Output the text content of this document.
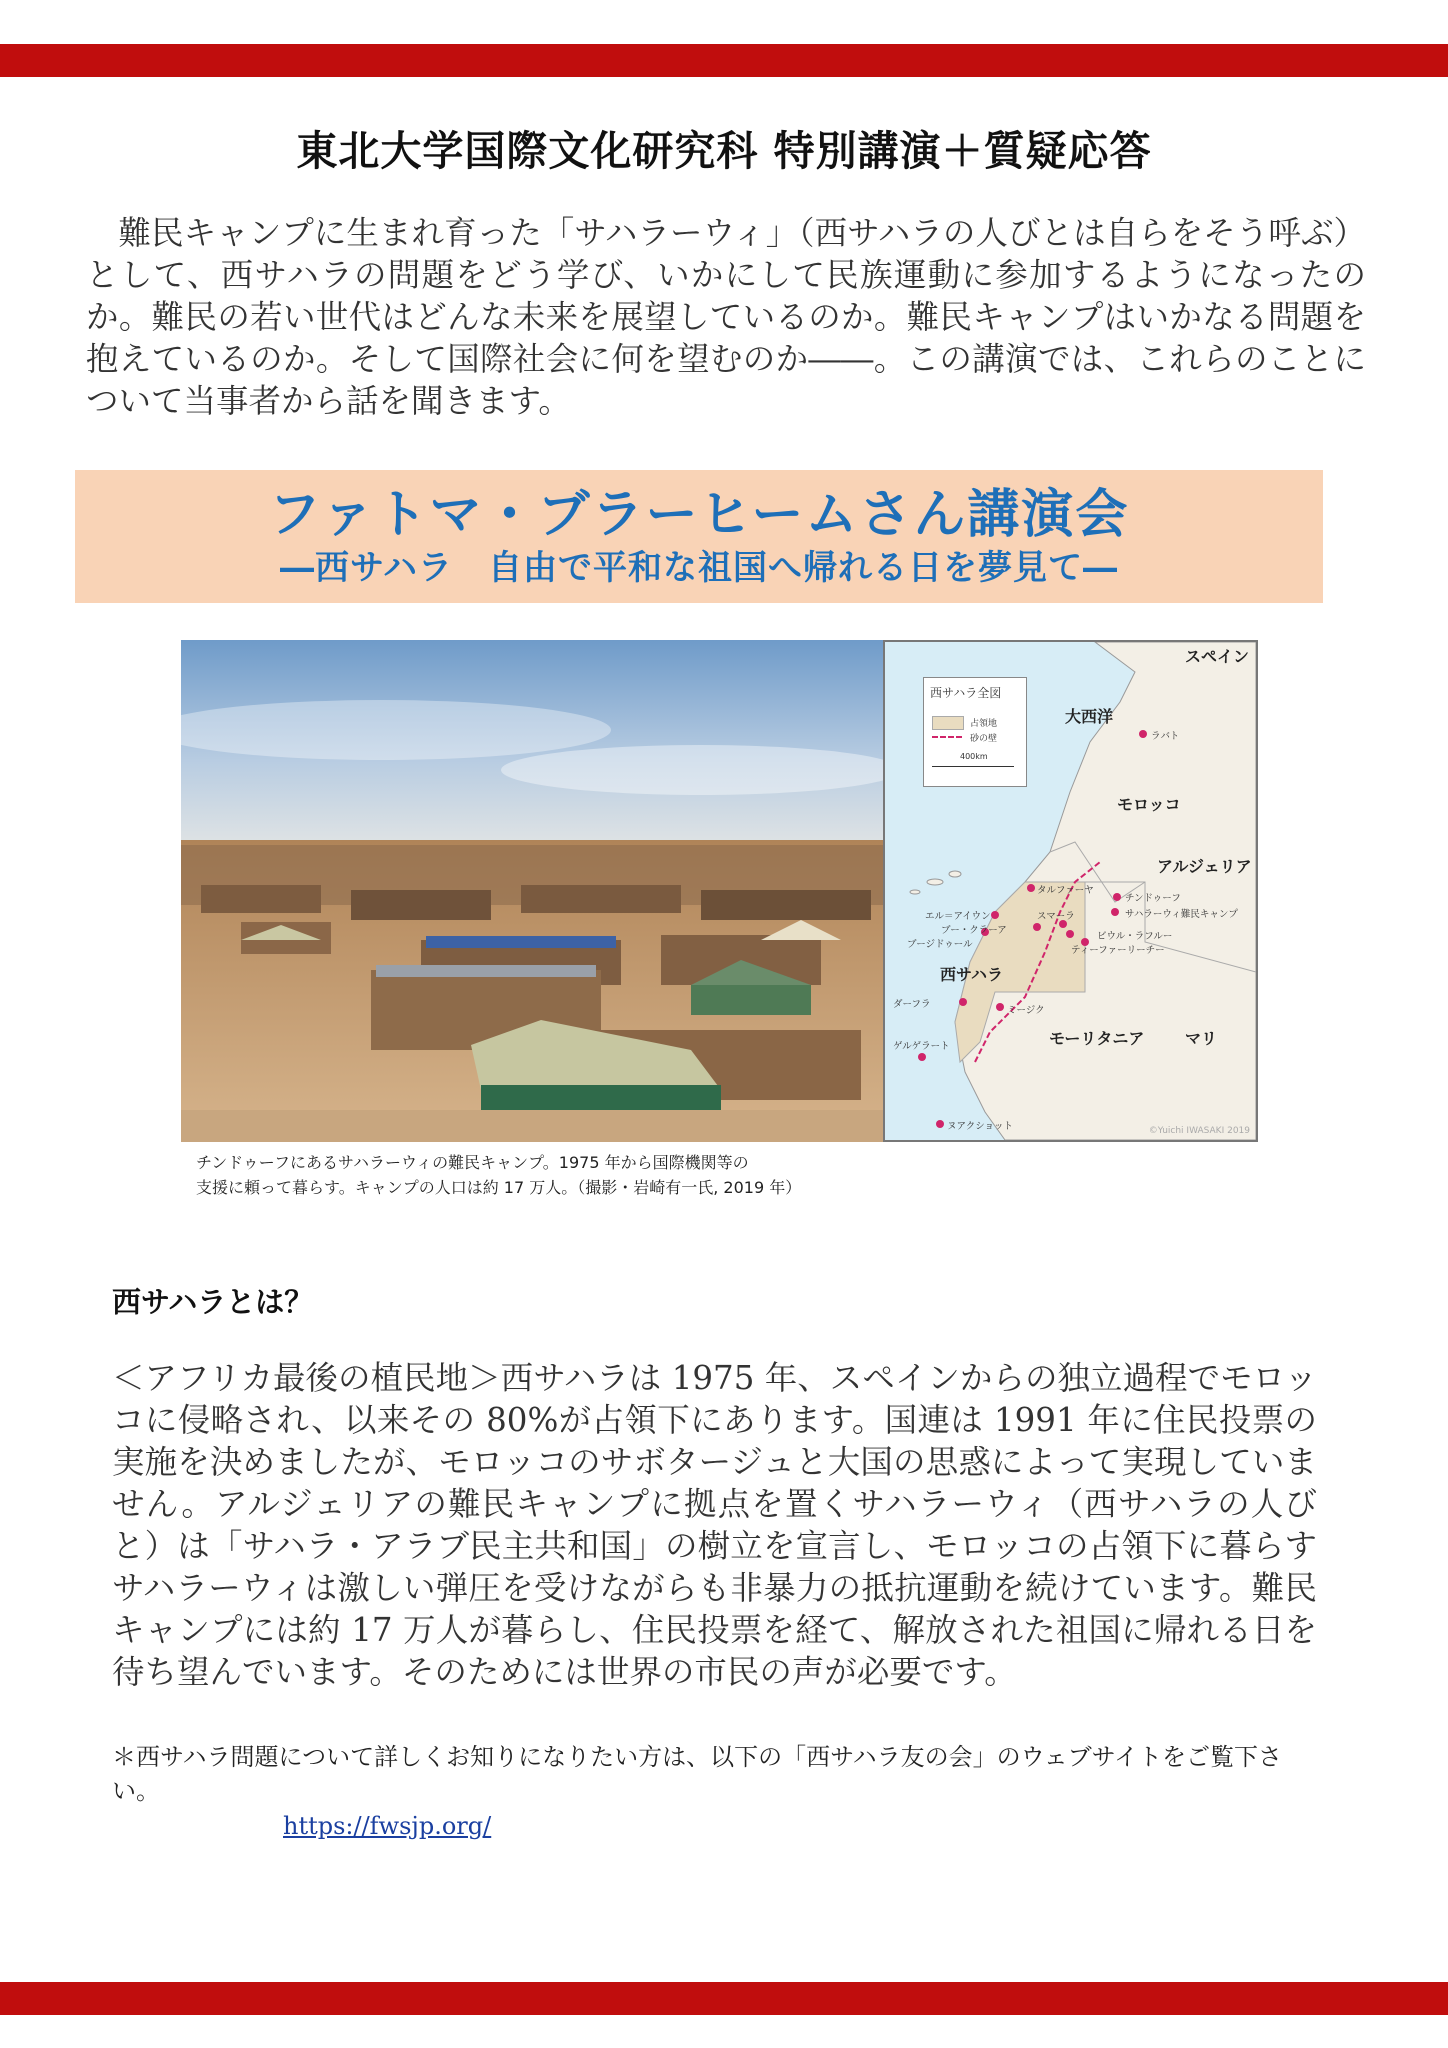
東北大学国際文化研究科 特別講演＋質疑応答
　難民キャンプに生まれ育った「サハラーウィ」（西サハラの人びとは自らをそう呼ぶ）として、西サハラの問題をどう学び、いかにして民族運動に参加するようになったのか。難民の若い世代はどんな未来を展望しているのか。難民キャンプはいかなる問題を抱えているのか。そして国際社会に何を望むのか――。この講演では、これらのことについて当事者から話を聞きます。
ファトマ・ブラーヒームさん講演会
―西サハラ　自由で平和な祖国へ帰れる日を夢見て―
西サハラ全図
占領地
砂の壁
400km
スペイン
大西洋
ラバト
モロッコ
アルジェリア
チンドゥーフ
サハラーウィ難民キャンプ
タルファーヤ
エル＝アイウン	スマーラ
ブー・クラーア
ブージドゥール
ビウル・ラフルー
ティーファーリーチー
西サハラ
ダーフラ
ミージク
ゲルゲラート	モーリタニア	マリ
ヌアクショット	©Yuichi IWASAKI 2019
チンドゥーフにあるサハラーウィの難民キャンプ。1975 年から国際機関等の
支援に頼って暮らす。キャンプの人口は約 17 万人。（撮影・岩崎有一氏, 2019 年）
西サハラとは？
＜アフリカ最後の植民地＞西サハラは 1975 年、スペインからの独立過程でモロッコに侵略され、以来その 80%が占領下にあります。国連は 1991 年に住民投票の実施を決めましたが、モロッコのサボタージュと大国の思惑によって実現していません。アルジェリアの難民キャンプに拠点を置くサハラーウィ（西サハラの人びと）は「サハラ・アラブ民主共和国」の樹立を宣言し、モロッコの占領下に暮らすサハラーウィは激しい弾圧を受けながらも非暴力の抵抗運動を続けています。難民キャンプには約 17 万人が暮らし、住民投票を経て、解放された祖国に帰れる日を待ち望んでいます。そのためには世界の市民の声が必要です。
＊西サハラ問題について詳しくお知りになりたい方は、以下の「西サハラ友の会」のウェブサイトをご覧下さい。
https://fwsjp.org/
